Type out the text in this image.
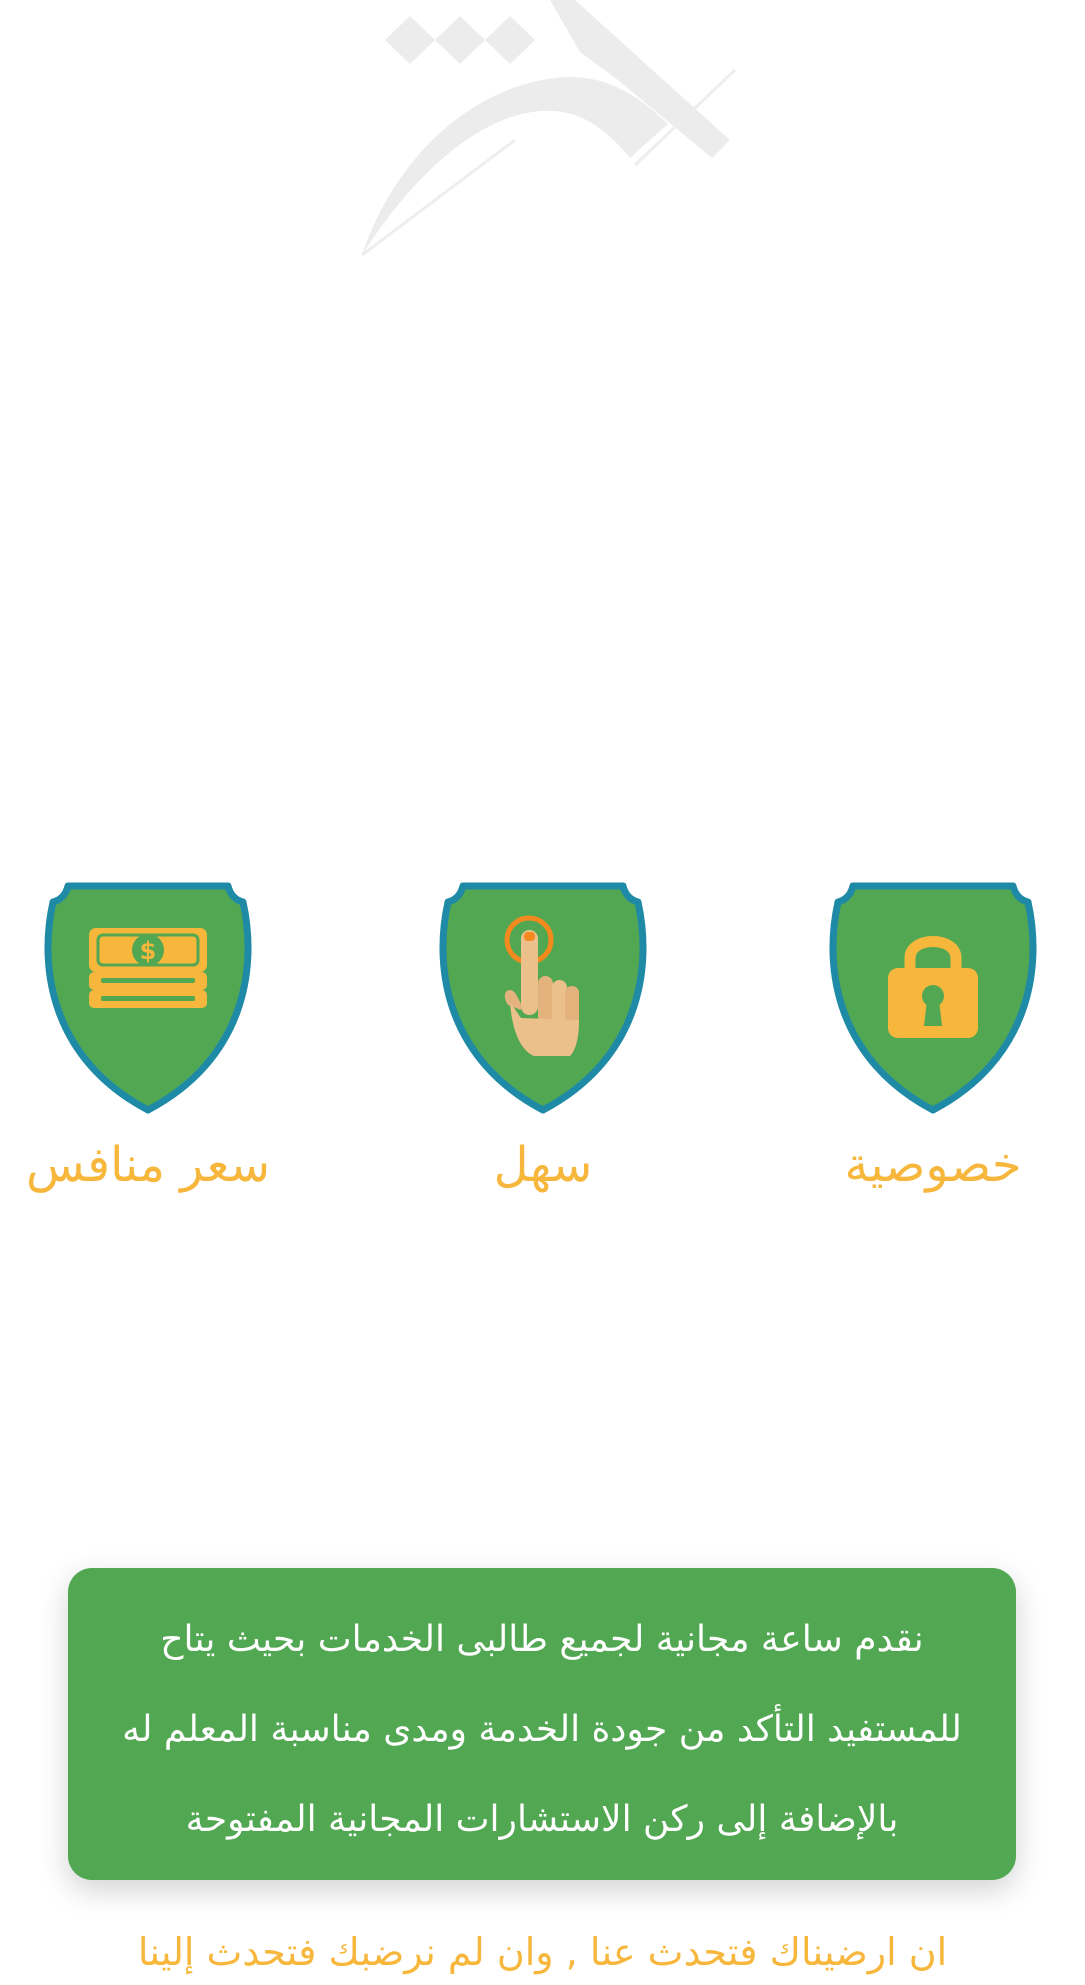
$
سعر منافس	سهل	خصوصية
نقدم ساعة مجانية لجميع طالبى الخدمات بحيث يتاح
للمستفيد التأكد من جودة الخدمة ومدى مناسبة المعلم له
بالإضافة إلى ركن الاستشارات المجانية المفتوحة
ان ارضيناك فتحدث عنا , وان لم نرضبك فتحدث إلينا
